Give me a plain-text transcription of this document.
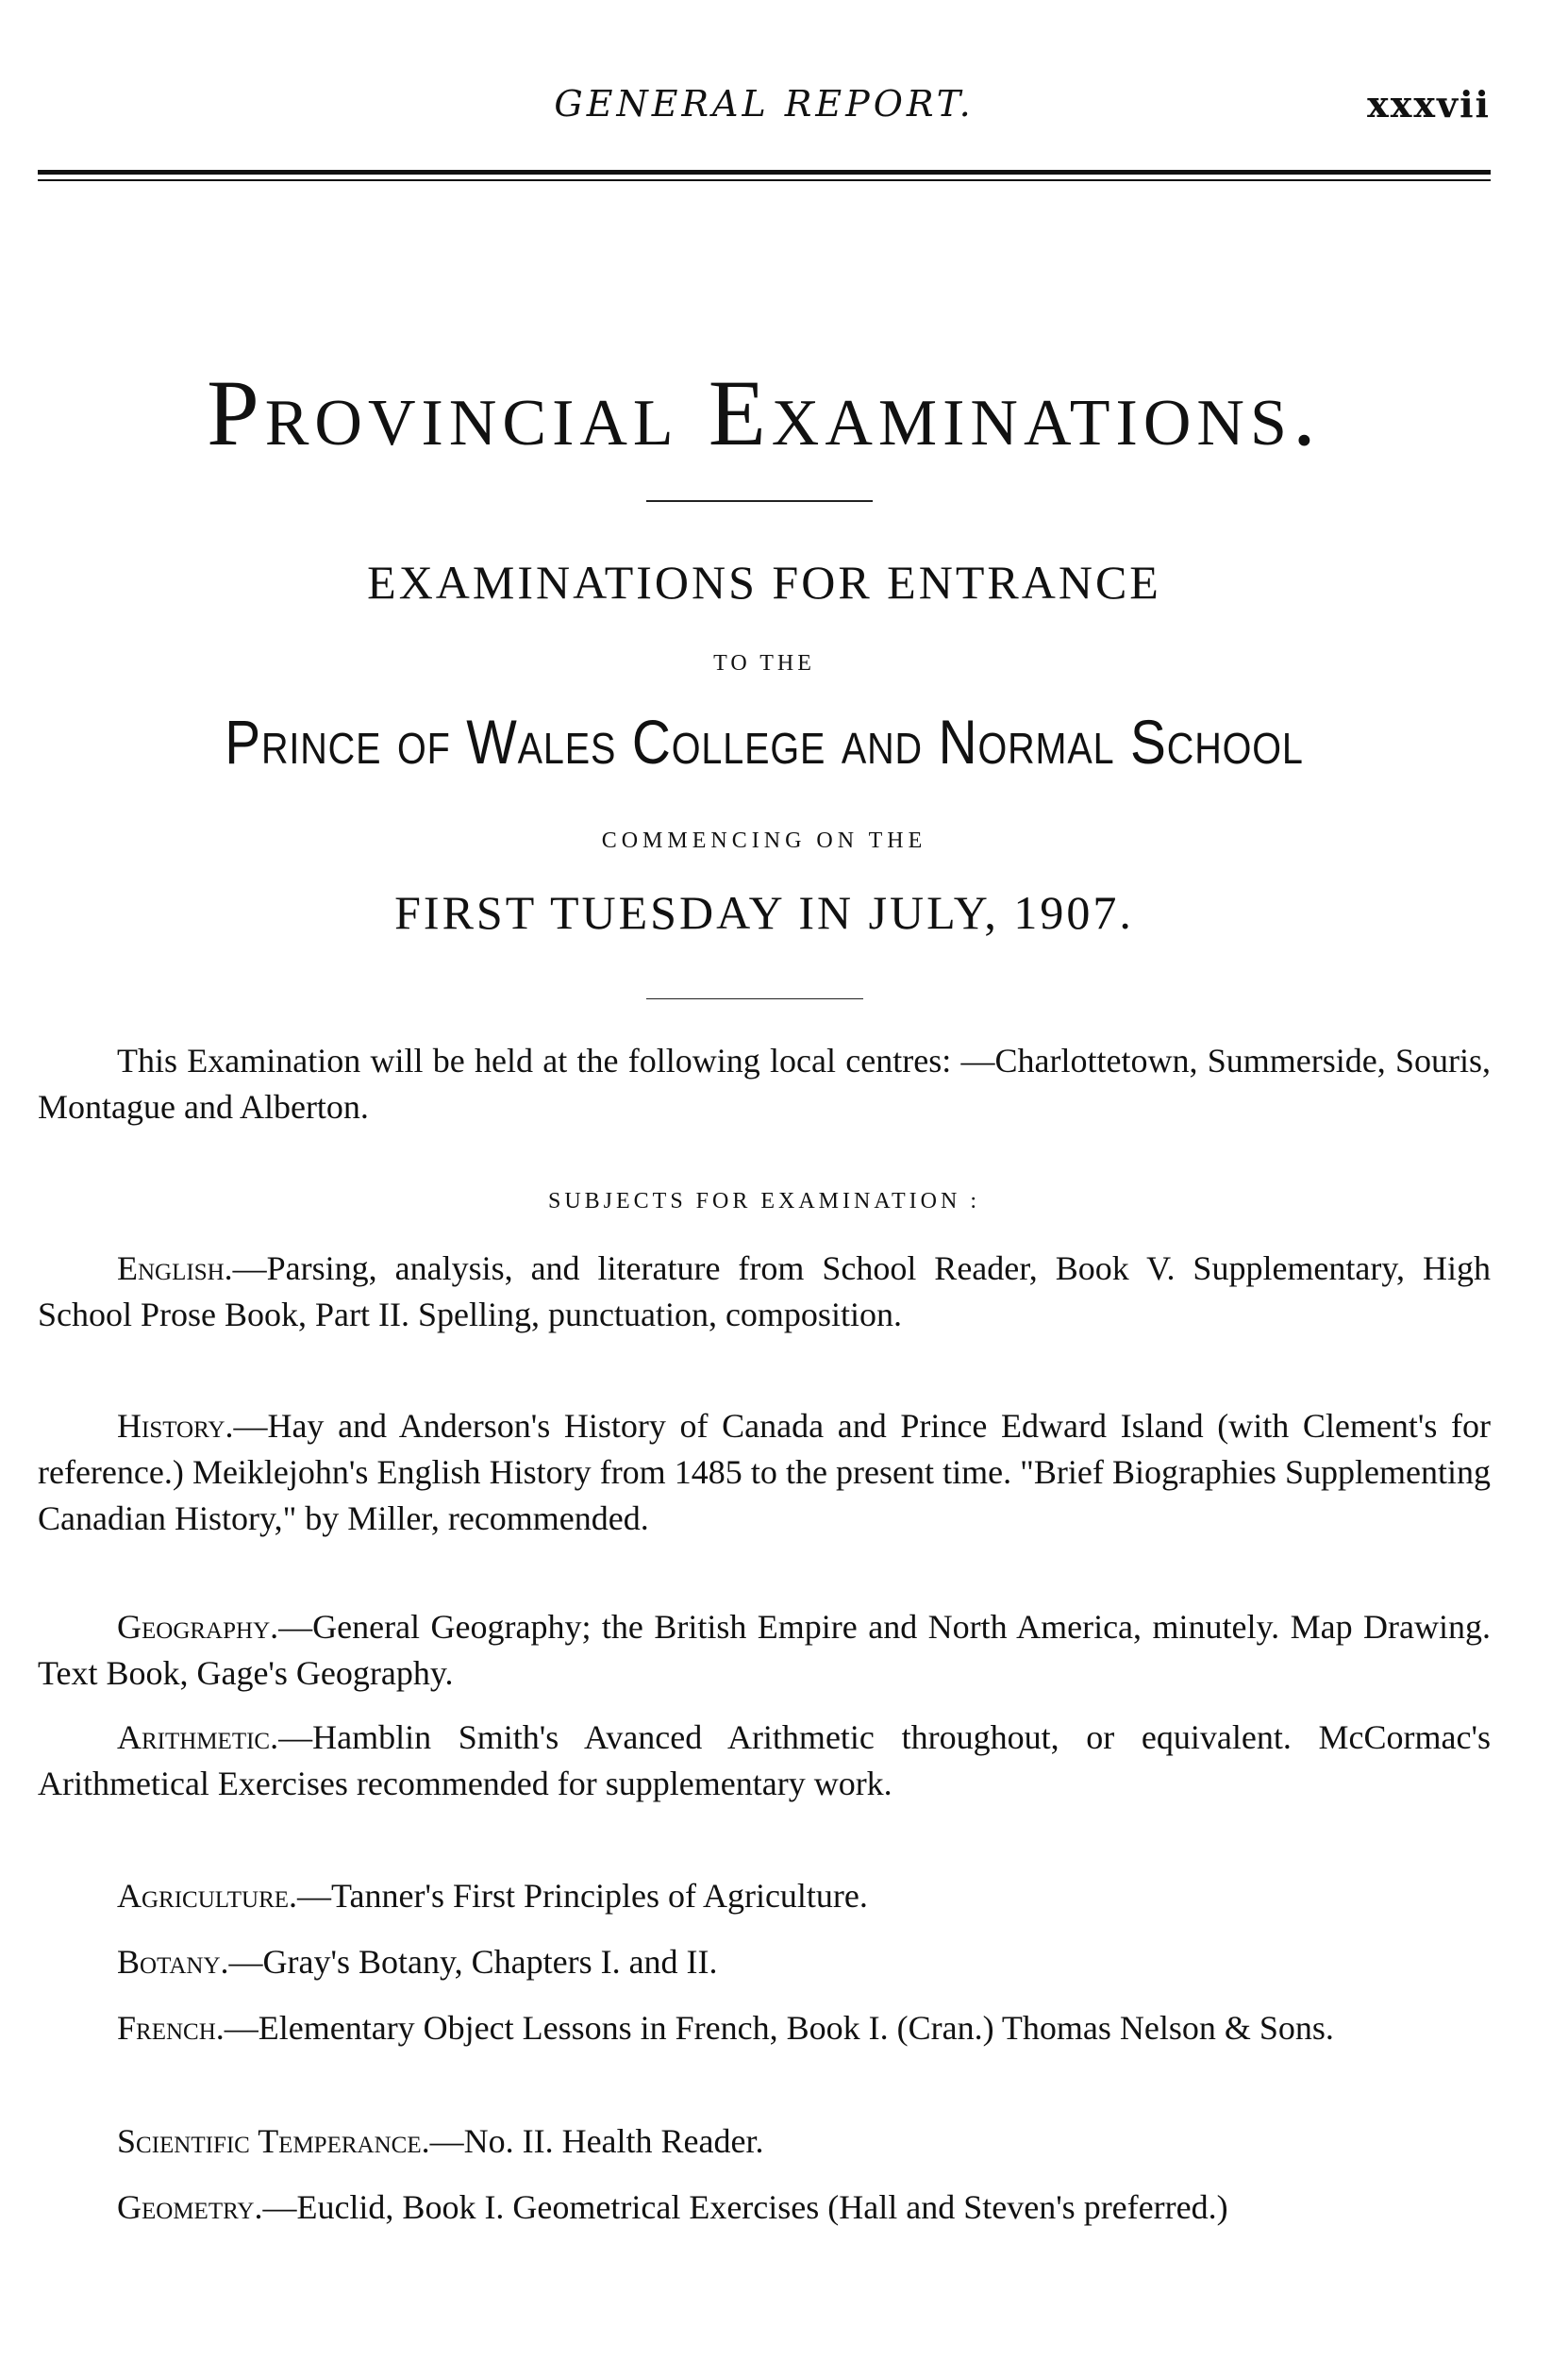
GENERAL REPORT.	xxxvii
Provincial Examinations.
EXAMINATIONS FOR ENTRANCE
TO THE
Prince of Wales College and Normal School
COMMENCING ON THE
FIRST TUESDAY IN JULY, 1907.

This Examination will be held at the following local centres: —Charlottetown, Summerside, Souris, Montague and Alberton.

SUBJECTS FOR EXAMINATION :

English.—Parsing, analysis, and literature from School Reader, Book V. Supplementary, High School Prose Book, Part II. Spelling, punctuation, composition.

History.—Hay and Anderson's History of Canada and Prince Edward Island (with Clement's for reference.) Meiklejohn's English History from 1485 to the present time. "Brief Biographies Supplementing Canadian History," by Miller, recommended.

Geography.—General Geography; the British Empire and North America, minutely. Map Drawing. Text Book, Gage's Geography.

Arithmetic.—Hamblin Smith's Avanced Arithmetic throughout, or equivalent. McCormac's Arithmetical Exercises recommended for supplementary work.

Agriculture.—Tanner's First Principles of Agriculture.

Botany.—Gray's Botany, Chapters I. and II.

French.—Elementary Object Lessons in French, Book I. (Cran.) Thomas Nelson & Sons.

Scientific Temperance.—No. II. Health Reader.

Geometry.—Euclid, Book I. Geometrical Exercises (Hall and Steven's preferred.)
